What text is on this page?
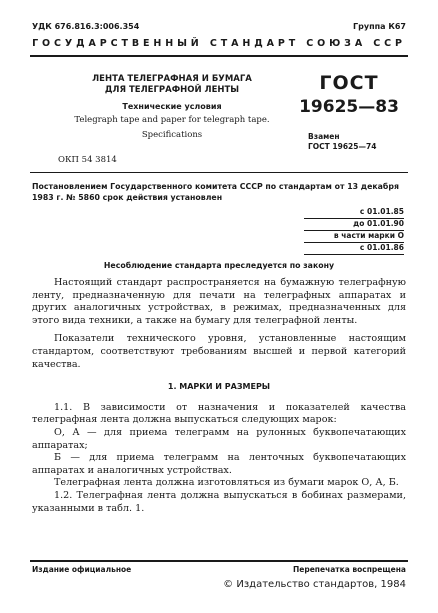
УДК 676.816.3:006.354	Группа К67
ГОСУДАРСТВЕННЫЙ СТАНДАРТ СОЮЗА ССР
ЛЕНТА ТЕЛЕГРАФНАЯ И БУМАГА
ДЛЯ ТЕЛЕГРАФНОЙ ЛЕНТЫ
Технические условия
Telegraph tape and paper for telegraph tape.
Specifications
ГОСТ
19625—83
Взамен
ГОСТ 19625—74
ОКП 54 3814
Постановлением Государственного комитета СССР по стандартам от 13 декабря 1983 г. № 5860 срок действия установлен
с 01.01.85
до 01.01.90
в части марки О
с 01.01.86
Несоблюдение стандарта преследуется по закону

Настоящий стандарт распространяется на бумажную телеграфную ленту, предназначенную для печати на телеграфных аппаратах и других аналогичных устройствах, в режимах, предназначенных для этого вида техники, а также на бумагу для телеграфной ленты.

Показатели технического уровня, установленные настоящим стандартом, соответствуют требованиям высшей и первой категорий качества.

1. МАРКИ И РАЗМЕРЫ

1.1. В зависимости от назначения и показателей качества телеграфная лента должна выпускаться следующих марок:

О, А — для приема телеграмм на рулонных буквопечатающих аппаратах;

Б — для приема телеграмм на ленточных буквопечатающих аппаратах и аналогичных устройствах.

Телеграфная лента должна изготовляться из бумаги марок О, А, Б.

1.2. Телеграфная лента должна выпускаться в бобинах размерами, указанными в табл. 1.

Издание официальное	Перепечатка воспрещена
© Издательство стандартов, 1984
